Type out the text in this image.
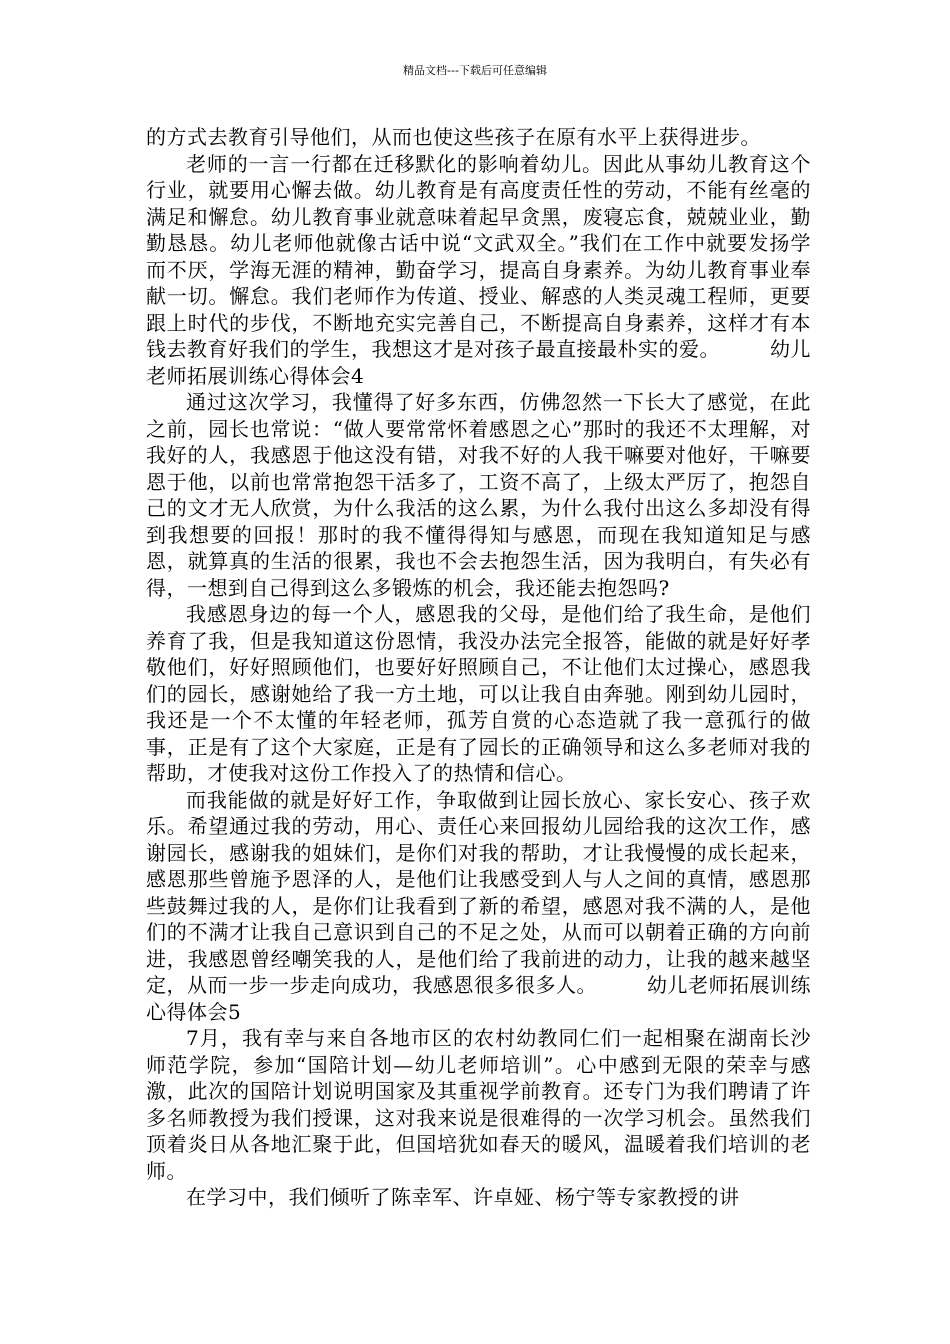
精品文档---下载后可任意编辑

的方式去教育引导他们，从而也使这些孩子在原有水平上获得进步。

老师的一言一行都在迁移默化的影响着幼儿。因此从事幼儿教育这个行业，就要用心懈去做。幼儿教育是有高度责任性的劳动，不能有丝毫的满足和懈怠。幼儿教育事业就意味着起早贪黑，废寝忘食，兢兢业业，勤勤恳恳。幼儿老师他就像古话中说“文武双全。”我们在工作中就要发扬学而不厌，学海无涯的精神，勤奋学习，提高自身素养。为幼儿教育事业奉献一切。懈怠。我们老师作为传道、授业、解惑的人类灵魂工程师，更要跟上时代的步伐，不断地充实完善自己，不断提高自身素养，这样才有本钱去教育好我们的学生，我想这才是对孩子最直接最朴实的爱。	幼儿老师拓展训练心得体会4

通过这次学习，我懂得了好多东西，仿佛忽然一下长大了感觉，在此之前，园长也常说：“做人要常常怀着感恩之心”那时的我还不太理解，对我好的人，我感恩于他这没有错，对我不好的人我干嘛要对他好，干嘛要恩于他，以前也常常抱怨干活多了，工资不高了，上级太严厉了，抱怨自己的文才无人欣赏，为什么我活的这么累，为什么我付出这么多却没有得到我想要的回报！那时的我不懂得得知与感恩，而现在我知道知足与感恩，就算真的生活的很累，我也不会去抱怨生活，因为我明白，有失必有得，一想到自己得到这么多锻炼的机会，我还能去抱怨吗?

我感恩身边的每一个人，感恩我的父母，是他们给了我生命，是他们养育了我，但是我知道这份恩情，我没办法完全报答，能做的就是好好孝敬他们，好好照顾他们，也要好好照顾自己，不让他们太过操心，感恩我们的园长，感谢她给了我一方土地，可以让我自由奔驰。刚到幼儿园时，我还是一个不太懂的年轻老师，孤芳自赏的心态造就了我一意孤行的做事，正是有了这个大家庭，正是有了园长的正确领导和这么多老师对我的帮助，才使我对这份工作投入了的热情和信心。

而我能做的就是好好工作，争取做到让园长放心、家长安心、孩子欢乐。希望通过我的劳动，用心、责任心来回报幼儿园给我的这次工作，感谢园长，感谢我的姐妹们，是你们对我的帮助，才让我慢慢的成长起来，感恩那些曾施予恩泽的人，是他们让我感受到人与人之间的真情，感恩那些鼓舞过我的人，是你们让我看到了新的希望，感恩对我不满的人，是他们的不满才让我自己意识到自己的不足之处，从而可以朝着正确的方向前进，我感恩曾经嘲笑我的人，是他们给了我前进的动力，让我的越来越坚定，从而一步一步走向成功，我感恩很多很多人。	幼儿老师拓展训练心得体会5

7月，我有幸与来自各地市区的农村幼教同仁们一起相聚在湖南长沙师范学院，参加“国陪计划—幼儿老师培训”。心中感到无限的荣幸与感激，此次的国陪计划说明国家及其重视学前教育。还专门为我们聘请了许多名师教授为我们授课，这对我来说是很难得的一次学习机会。虽然我们顶着炎日从各地汇聚于此，但国培犹如春天的暖风，温暖着我们培训的老师。

在学习中，我们倾听了陈幸军、许卓娅、杨宁等专家教授的讲
